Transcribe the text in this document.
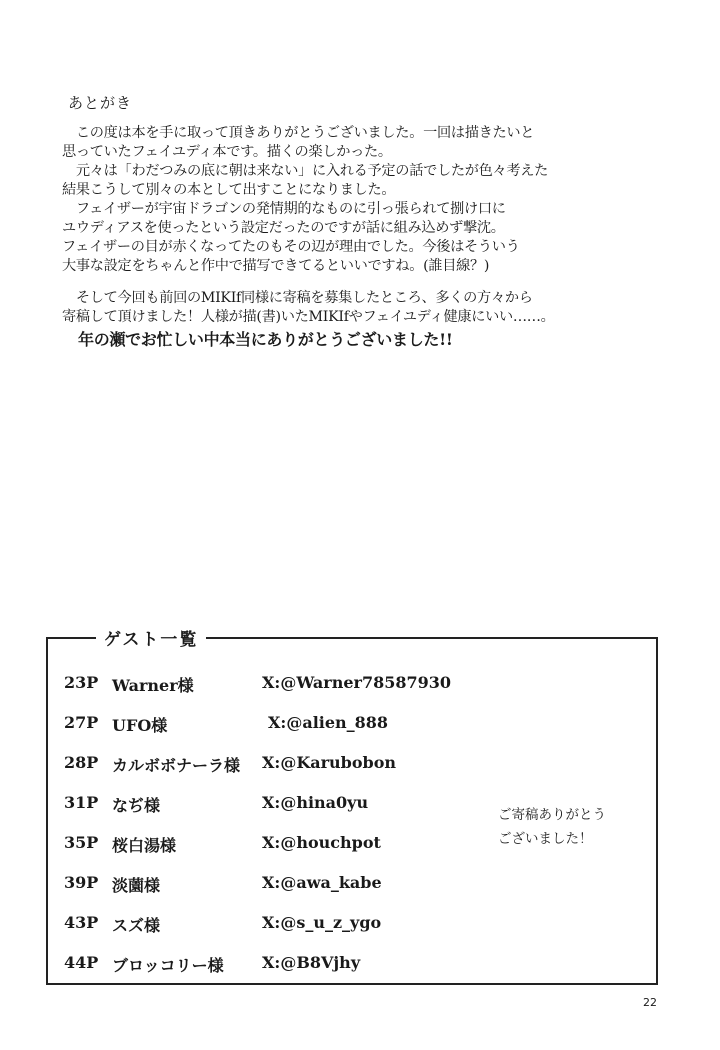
あとがき
　この度は本を手に取って頂きありがとうございました。一回は描きたいと
思っていたフェイユディ本です。描くの楽しかった。
　元々は「わだつみの底に朝は来ない」に入れる予定の話でしたが色々考えた
結果こうして別々の本として出すことになりました。
　フェイザーが宇宙ドラゴンの発情期的なものに引っ張られて捌け口に
ユウディアスを使ったという設定だったのですが話に組み込めず撃沈。
フェイザーの目が赤くなってたのもその辺が理由でした。今後はそういう
大事な設定をちゃんと作中で描写できてるといいですね。(誰目線？)
　そして今回も前回のMIKIf同様に寄稿を募集したところ、多くの方々から
寄稿して頂けました！人様が描(書)いたMIKIfやフェイユディ健康にいい……。
年の瀬でお忙しい中本当にありがとうございました!!
ゲスト一覧
23P Warner様	X:@Warner78587930
27P UFO様	X:@alien_888
28P カルボボナーラ様 X:@Karubobon
31P なぢ様	X:@hina0yu
35P 桜白湯様	X:@houchpot
39P 淡薗様	X:@awa_kabe
43P スズ様	X:@s_u_z_ygo
44P ブロッコリー様 X:@B8Vjhy
ご寄稿ありがとう
ございました！
22
